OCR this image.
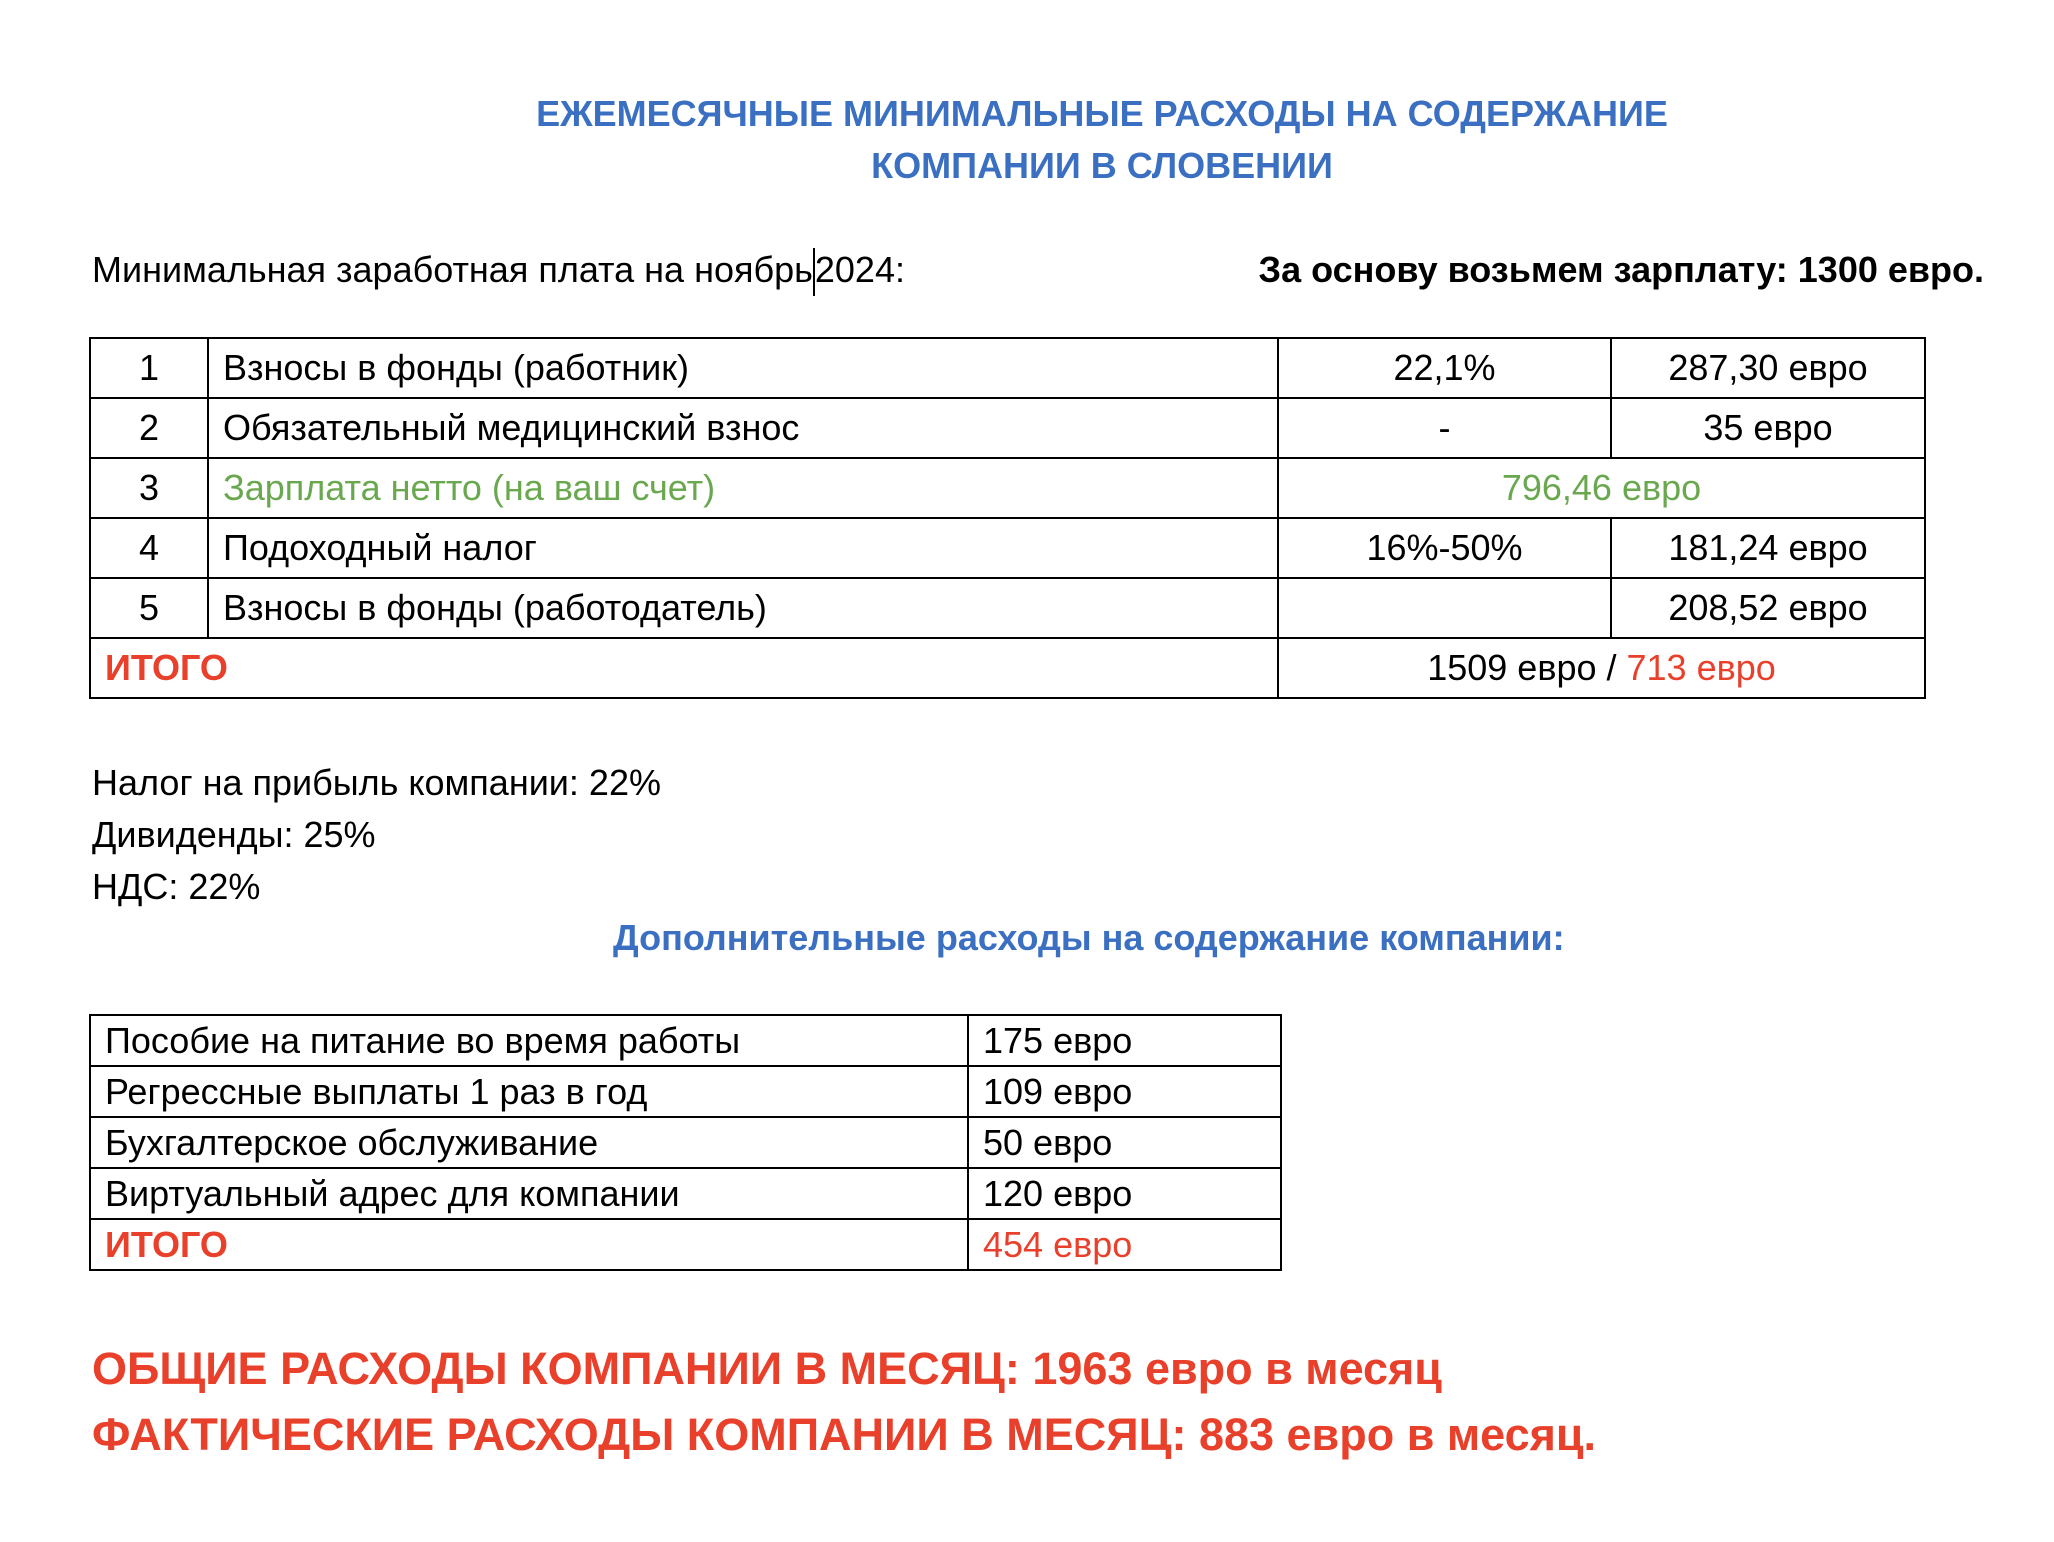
ЕЖЕМЕСЯЧНЫЕ МИНИМАЛЬНЫЕ РАСХОДЫ НА СОДЕРЖАНИЕ
КОМПАНИИ В СЛОВЕНИИ
Минимальная заработная плата на ноябрь2024:	За основу возьмем зарплату: 1300 евро.
1	Взносы в фонды (работник)	22,1%	287,30 евро
2	Обязательный медицинский взнос	-	35 евро
3	Зарплата нетто (на ваш счет)	796,46 евро	
4	Подоходный налог	16%-50%	181,24 евро
5	Взносы в фонды (работодатель)		208,52 евро
ИТОГО		1509 евро / 713 евро	
Налог на прибыль компании: 22%
Дивиденды: 25%
НДС: 22%
Дополнительные расходы на содержание компании:
Пособие на питание во время работы	175 евро
Регрессные выплаты 1 раз в год	109 евро
Бухгалтерское обслуживание	50 евро
Виртуальный адрес для компании	120 евро
ИТОГО	454 евро
ОБЩИЕ РАСХОДЫ КОМПАНИИ В МЕСЯЦ: 1963 евро в месяц
ФАКТИЧЕСКИЕ РАСХОДЫ КОМПАНИИ В МЕСЯЦ: 883 евро в месяц.
